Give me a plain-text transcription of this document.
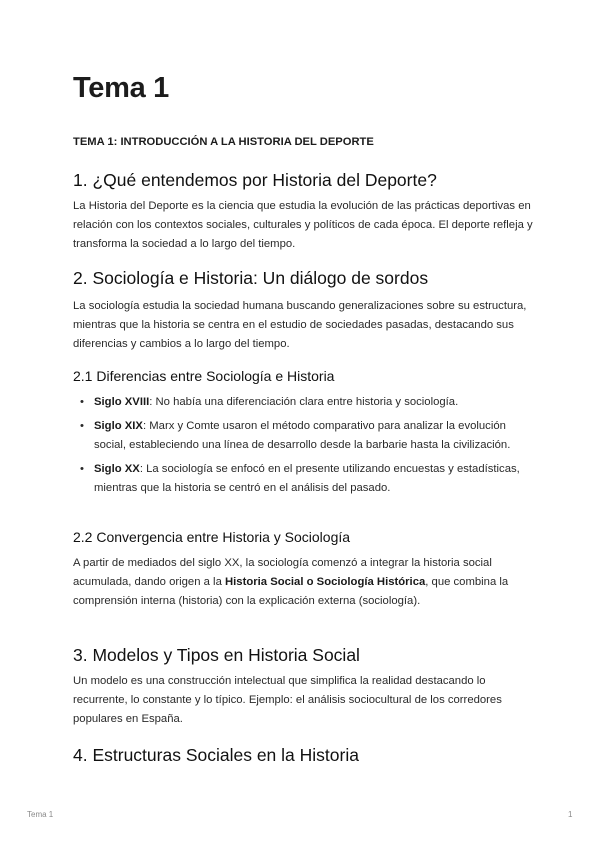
Tema 1

TEMA 1: INTRODUCCIÓN A LA HISTORIA DEL DEPORTE

1. ¿Qué entendemos por Historia del Deporte?

La Historia del Deporte es la ciencia que estudia la evolución de las prácticas deportivas en relación con los contextos sociales, culturales y políticos de cada época. El deporte refleja y transforma la sociedad a lo largo del tiempo.

2. Sociología e Historia: Un diálogo de sordos

La sociología estudia la sociedad humana buscando generalizaciones sobre su estructura, mientras que la historia se centra en el estudio de sociedades pasadas, destacando sus diferencias y cambios a lo largo del tiempo.

2.1 Diferencias entre Sociología e Historia
• Siglo XVIII: No había una diferenciación clara entre historia y sociología.
• Siglo XIX: Marx y Comte usaron el método comparativo para analizar la evolución social, estableciendo una línea de desarrollo desde la barbarie hasta la civilización.
• Siglo XX: La sociología se enfocó en el presente utilizando encuestas y estadísticas, mientras que la historia se centró en el análisis del pasado.
2.2 Convergencia entre Historia y Sociología

A partir de mediados del siglo XX, la sociología comenzó a integrar la historia social acumulada, dando origen a la Historia Social o Sociología Histórica, que combina la comprensión interna (historia) con la explicación externa (sociología).

3. Modelos y Tipos en Historia Social

Un modelo es una construcción intelectual que simplifica la realidad destacando lo recurrente, lo constante y lo típico. Ejemplo: el análisis sociocultural de los corredores populares en España.

4. Estructuras Sociales en la Historia
Tema 1	1
